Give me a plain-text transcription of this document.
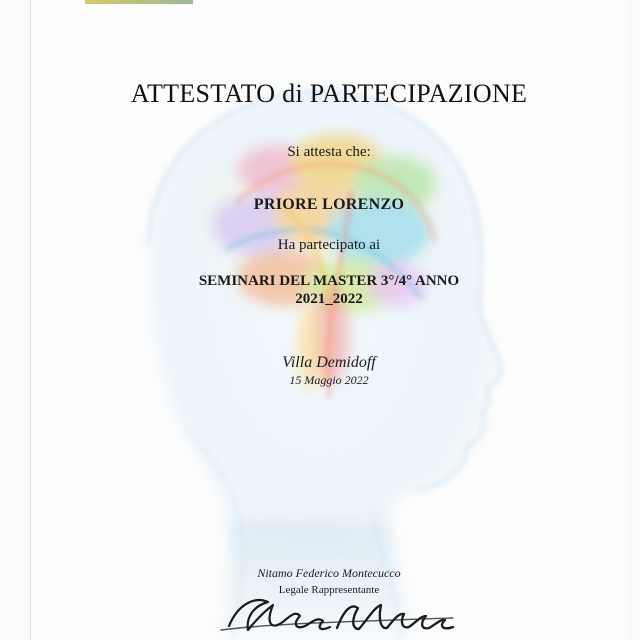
ATTESTATO di PARTECIPAZIONE
Si attesta che:
PRIORE LORENZO
Ha partecipato ai
SEMINARI DEL MASTER 3°/4° ANNO
2021_2022
Villa Demidoff
15 Maggio 2022
Nitamo Federico Montecucco
Legale Rappresentante
